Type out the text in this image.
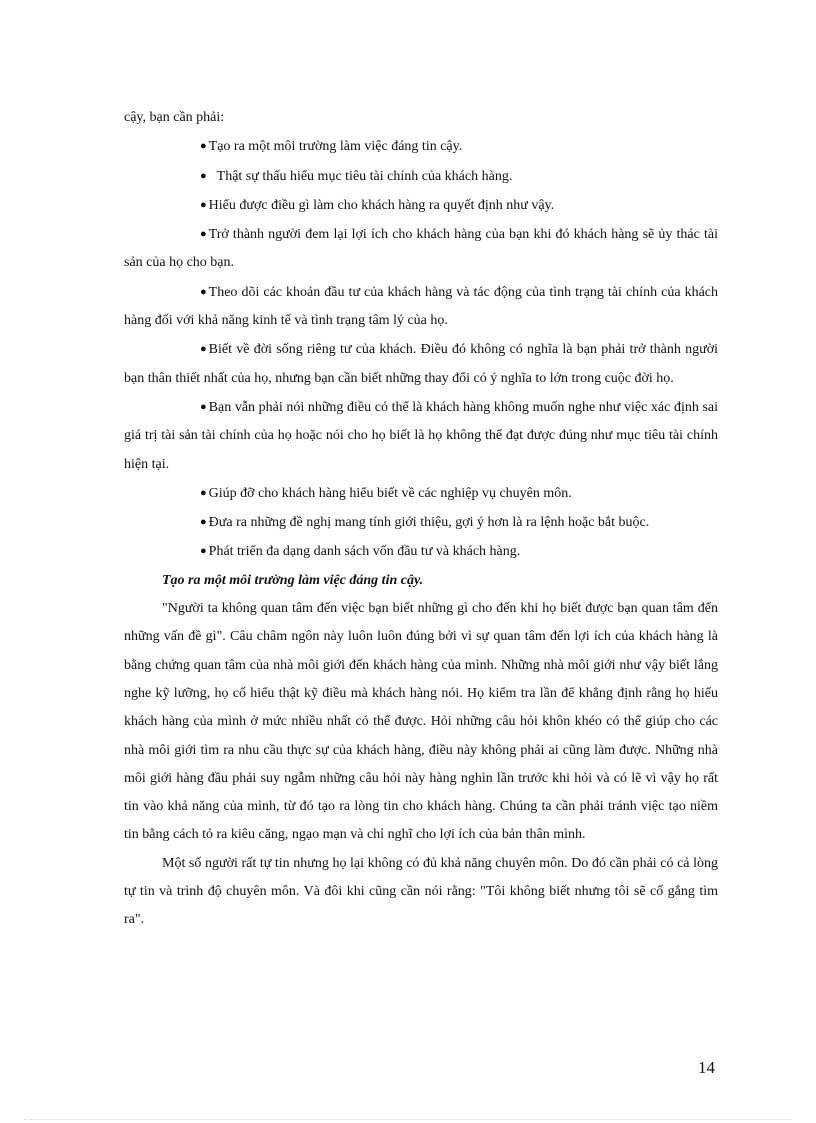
cậy, bạn cần phải:

● Tạo ra một môi trường làm việc đáng tin cậy.

● Thật sự thấu hiểu mục tiêu tài chính của khách hàng.

● Hiểu được điều gì làm cho khách hàng ra quyết định như vậy.

● Trở thành người đem lại lợi ích cho khách hàng của bạn khi đó khách hàng sẽ ủy thác tài sản của họ cho bạn.

● Theo dõi các khoản đầu tư của khách hàng và tác động của tình trạng tài chính của khách hàng đối với khả năng kinh tế và tình trạng tâm lý của họ.

● Biết về đời sống riêng tư của khách. Điều đó không có nghĩa là bạn phải trở thành người bạn thân thiết nhất của họ, nhưng bạn cần biết những thay đổi có ý nghĩa to lớn trong cuộc đời họ.

● Bạn vẫn phải nói những điều có thể là khách hàng không muốn nghe như việc xác định sai giá trị tài sản tài chính của họ hoặc nói cho họ biết là họ không thể đạt được đúng như mục tiêu tài chính hiện tại.

● Giúp đỡ cho khách hàng hiểu biết về các nghiệp vụ chuyên môn.

● Đưa ra những đề nghị mang tính giới thiệu, gợi ý hơn là ra lệnh hoặc bắt buộc.

● Phát triển đa dạng danh sách vốn đầu tư và khách hàng.

Tạo ra một môi trường làm việc đáng tin cậy.

"Người ta không quan tâm đến việc bạn biết những gì cho đến khi họ biết được bạn quan tâm đến những vấn đề gì". Câu châm ngôn này luôn luôn đúng bởi vì sự quan tâm đến lợi ích của khách hàng là bằng chứng quan tâm của nhà môi giới đến khách hàng của mình. Những nhà môi giới như vậy biết lắng nghe kỹ lưỡng, họ cố hiểu thật kỹ điều mà khách hàng nói. Họ kiểm tra lần để khẳng định rằng họ hiểu khách hàng của mình ở mức nhiều nhất có thể được. Hỏi những câu hỏi khôn khéo có thể giúp cho các nhà môi giới tìm ra nhu cầu thực sự của khách hàng, điều này không phải ai cũng làm được. Những nhà môi giới hàng đầu phải suy ngẫm những câu hỏi này hàng nghìn lần trước khi hỏi và có lẽ vì vậy họ rất tin vào khả năng của mình, từ đó tạo ra lòng tin cho khách hàng. Chúng ta cần phải tránh việc tạo niềm tin bằng cách tỏ ra kiêu căng, ngạo mạn và chỉ nghĩ cho lợi ích của bản thân mình.

Một số người rất tự tin nhưng họ lại không có đủ khả năng chuyên môn. Do đó cần phải có cả lòng tự tin và trình độ chuyên môn. Và đôi khi cũng cần nói rằng: "Tôi không biết nhưng tôi sẽ cố gắng tìm ra".

14
